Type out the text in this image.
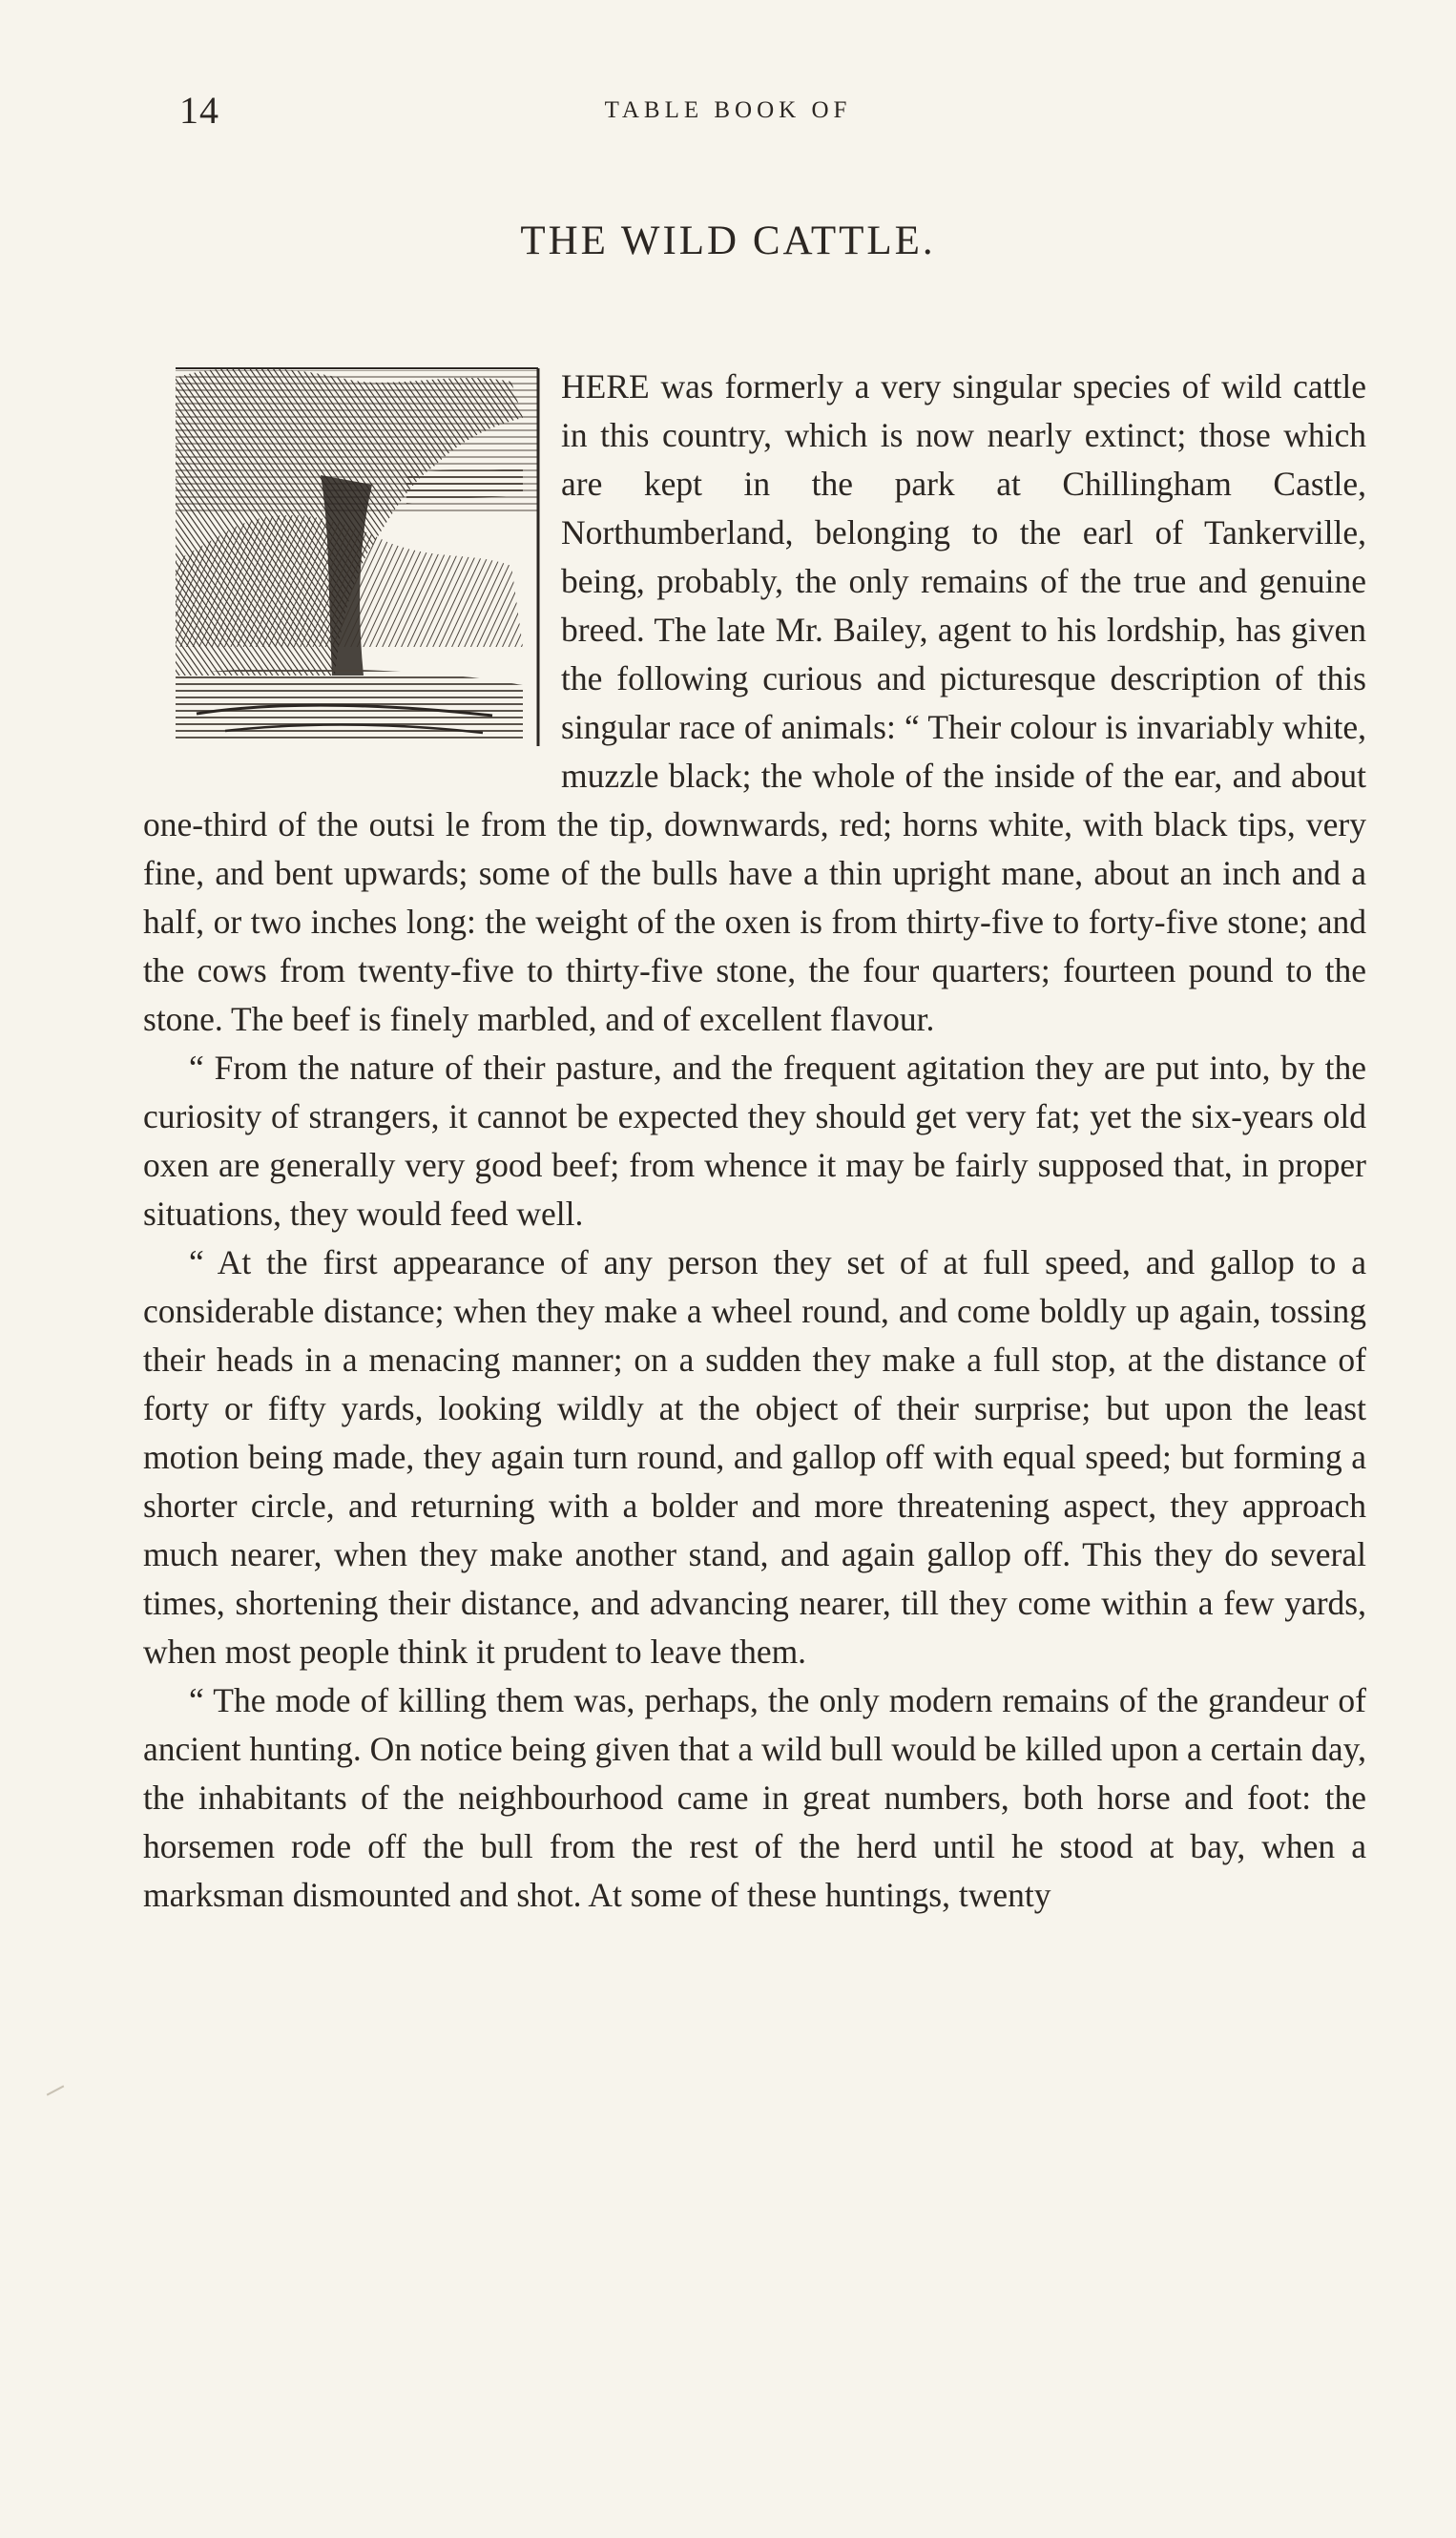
14	TABLE BOOK OF
THE WILD CATTLE.

HERE was formerly a very singular species of wild cattle in this country, which is now nearly extinct; those which are kept in the park at Chillingham Castle, Northumberland, belonging to the earl of Tankerville, being, probably, the only remains of the true and genuine breed. The late Mr. Bailey, agent to his lordship, has given the following curious and picturesque description of this singular race of animals: “ Their colour is invariably white, muzzle black; the whole of the inside of the ear, and about one-third of the outsi le from the tip, downwards, red; horns white, with black tips, very fine, and bent upwards; some of the bulls have a thin upright mane, about an inch and a half, or two inches long: the weight of the oxen is from thirty-five to forty-five stone; and the cows from twenty-five to thirty-five stone, the four quarters; fourteen pound to the stone. The beef is finely marbled, and of excellent flavour.

“ From the nature of their pasture, and the frequent agitation they are put into, by the curiosity of strangers, it cannot be expected they should get very fat; yet the six-years old oxen are generally very good beef; from whence it may be fairly supposed that, in proper situations, they would feed well.

“ At the first appearance of any person they set of at full speed, and gallop to a considerable distance; when they make a wheel round, and come boldly up again, tossing their heads in a menacing manner; on a sudden they make a full stop, at the distance of forty or fifty yards, looking wildly at the object of their surprise; but upon the least motion being made, they again turn round, and gallop off with equal speed; but forming a shorter circle, and returning with a bolder and more threatening aspect, they approach much nearer, when they make another stand, and again gallop off. This they do several times, shortening their distance, and advancing nearer, till they come within a few yards, when most people think it prudent to leave them.

“ The mode of killing them was, perhaps, the only modern remains of the grandeur of ancient hunting. On notice being given that a wild bull would be killed upon a certain day, the inhabitants of the neighbourhood came in great numbers, both horse and foot: the horsemen rode off the bull from the rest of the herd until he stood at bay, when a marksman dismounted and shot. At some of these huntings, twenty
